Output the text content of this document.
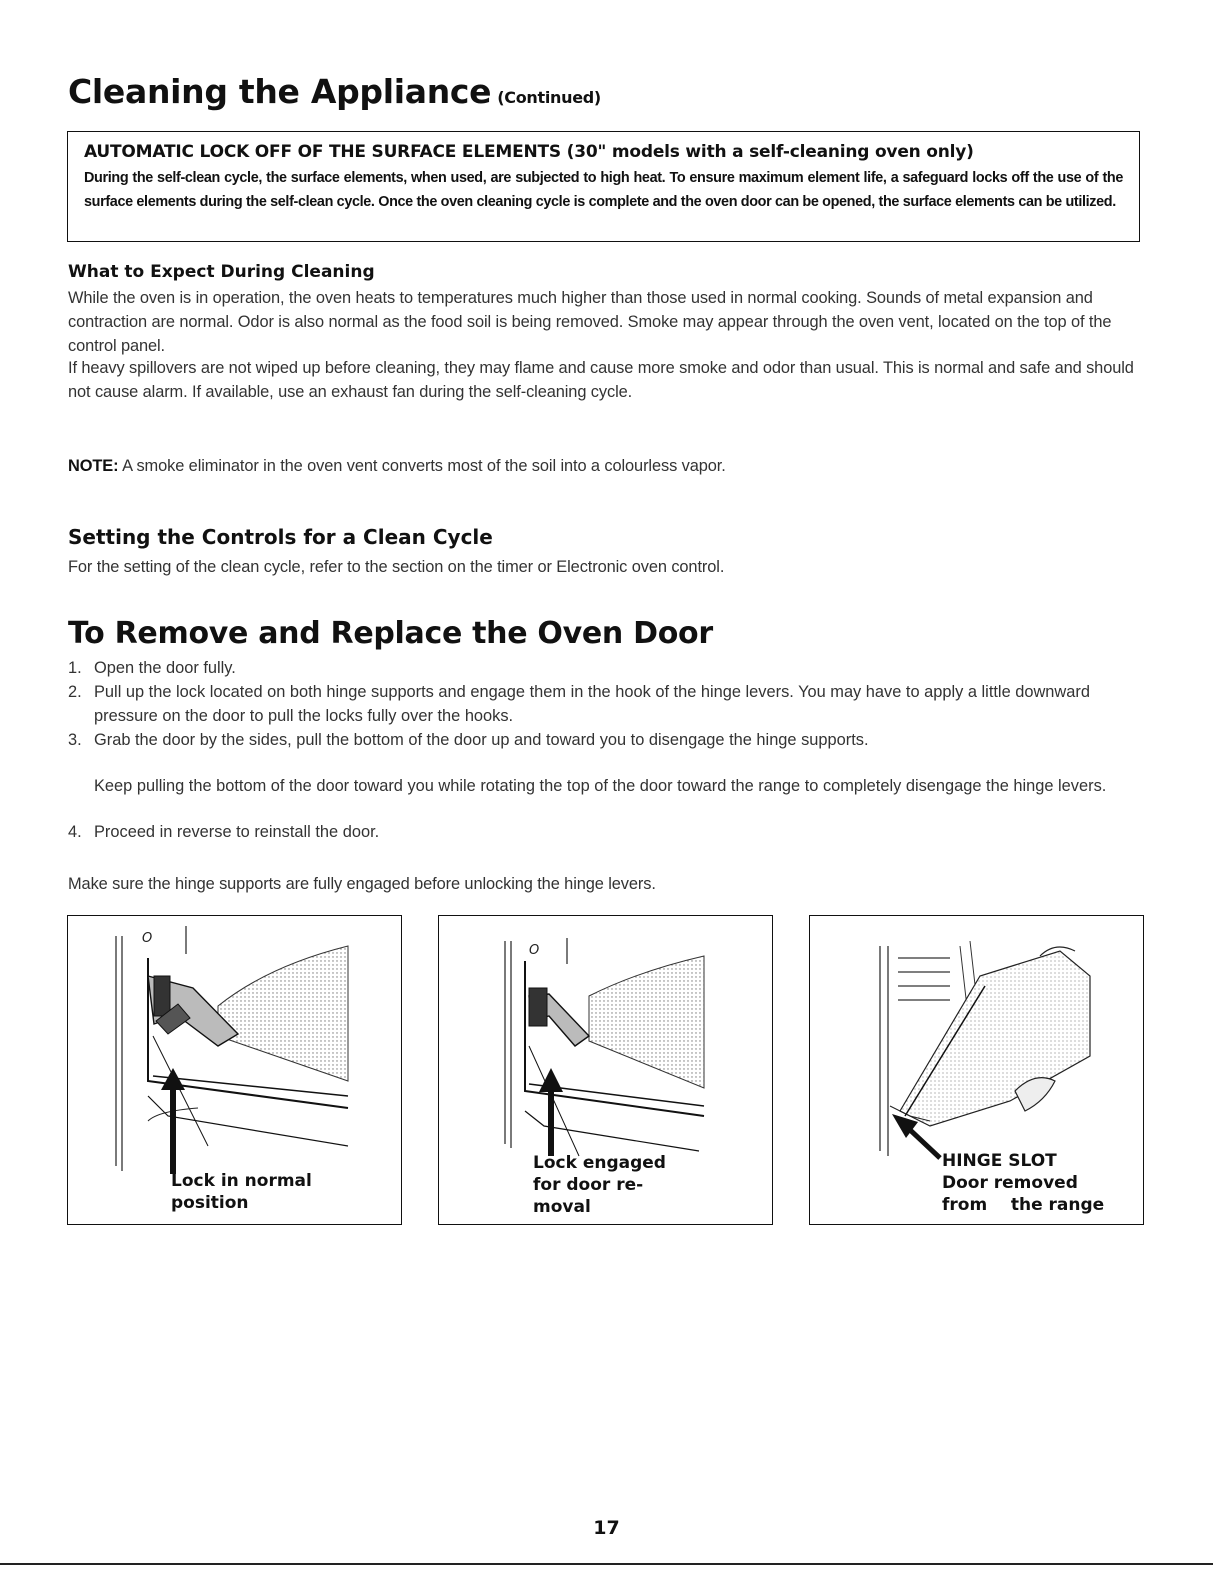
Cleaning the Appliance (Continued)
AUTOMATIC LOCK OFF OF THE SURFACE ELEMENTS (30" models with a self-cleaning oven only)
During the self-clean cycle, the surface elements, when used, are subjected to high heat. To ensure maximum element life, a safeguard locks off the use of the surface elements during the self-clean cycle. Once the oven cleaning cycle is complete and the oven door can be opened, the surface elements can be utilized.
What to Expect During Cleaning

While the oven is in operation, the oven heats to temperatures much higher than those used in normal cooking. Sounds of metal expansion and contraction are normal. Odor is also normal as the food soil is being removed. Smoke may appear through the oven vent, located on the top of the control panel.

If heavy spillovers are not wiped up before cleaning, they may flame and cause more smoke and odor than usual. This is normal and safe and should not cause alarm. If available, use an exhaust fan during the self-cleaning cycle.

NOTE: A smoke eliminator in the oven vent converts most of the soil into a colourless vapor.

Setting the Controls for a Clean Cycle

For the setting of the clean cycle, refer to the section on the timer or Electronic oven control.

To Remove and Replace the Oven Door
1. Open the door fully.
2. Pull up the lock located on both hinge supports and engage them in the hook of the hinge levers. You may have to apply a little downward pressure on the door to pull the locks fully over the hooks.
3. Grab the door by the sides, pull the bottom of the door up and toward you to disengage the hinge supports.
Keep pulling the bottom of the door toward you while rotating the top of the door toward the range to completely disengage the hinge levers.
4. Proceed in reverse to reinstall the door.

Make sure the hinge supports are fully engaged before unlocking the hinge levers.

O
Lock in normal
position
O
Lock engaged
for door re-
moval
HINGE SLOT
Door removed
from    the range
17
